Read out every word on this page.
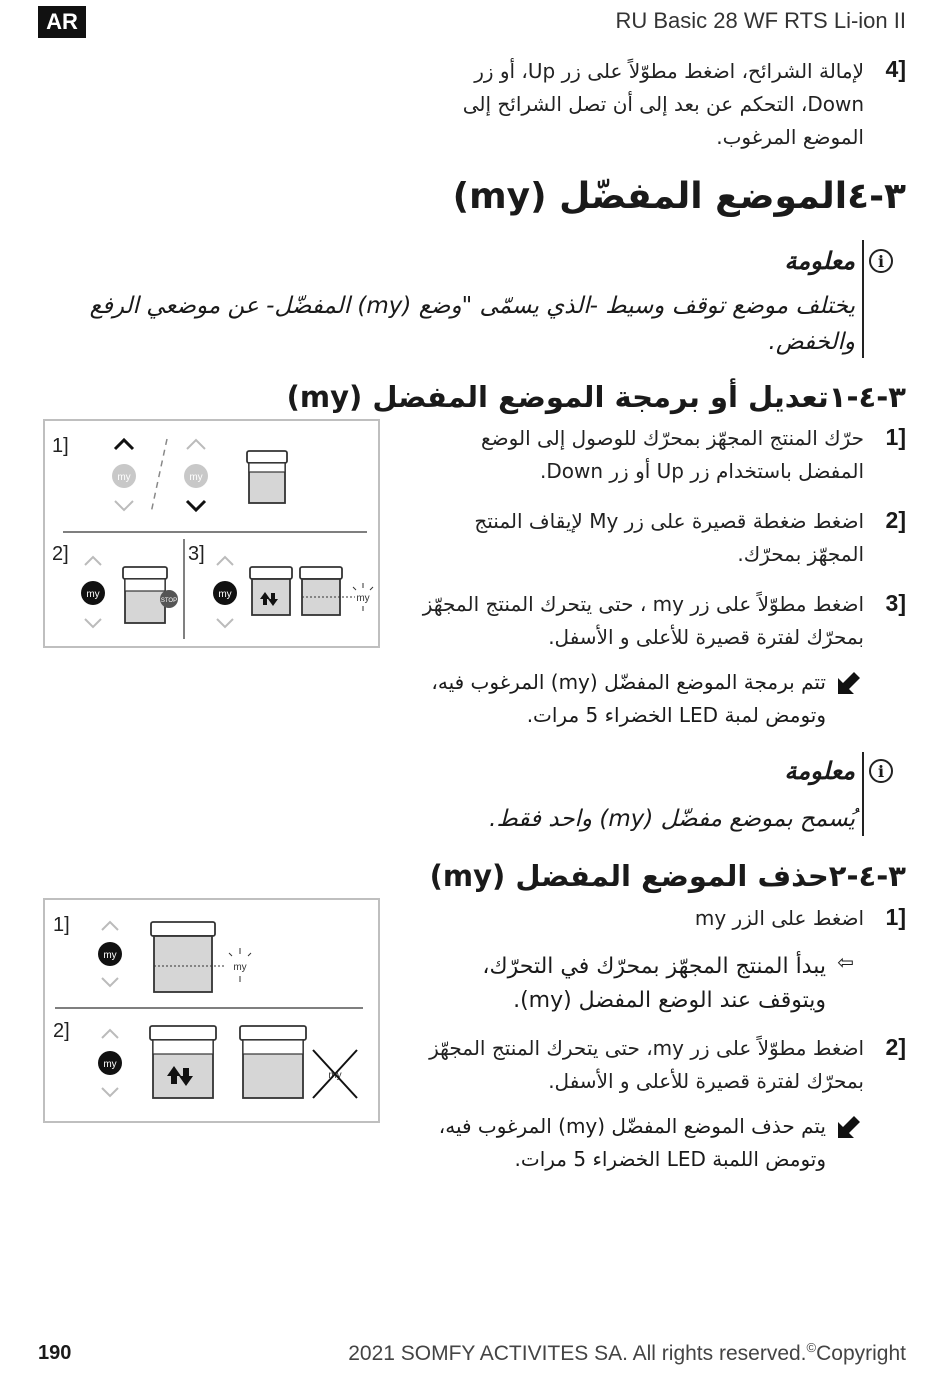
AR	RU Basic 28 WF RTS Li-ion II
4]
لإمالة الشرائح، اضغط مطوّلاً على زر Up، أو زر
Down، التحكم عن بعد إلى أن تصل الشرائح إلى
الموضع المرغوب.
٣-٤الموضع المفضّل (my)
i
معلومة
يختلف موضع توقف وسيط -الذي يسمّى "وضع (my) المفضّل- عن موضعي الرفع
والخفض.
٣-٤-١تعديل أو برمجة الموضع المفضل (my)
1]
حرّك المنتج المجهّز بمحرّك للوصول إلى الوضع
المفضل باستخدام زر Up أو زر Down.
2]
اضغط ضغطة قصيرة على زر My لإيقاف المنتج
المجهّز بمحرّك.
3]
اضغط مطوّلاً على زر my ، حتى يتحرك المنتج المجهّز
بمحرّك لفترة قصيرة للأعلى و الأسفل.
تتم برمجة الموضع المفضّل (my) المرغوب فيه،
وتومض لمبة LED الخضراء 5 مرات.
my	my
my
STOP
my	my
1]
2]	3]
i
معلومة
يُسمح بموضع مفضّل (my) واحد فقط.
٣-٤-٢حذف الموضع المفضل (my)
1]
اضغط على الزر my
⇦
يبدأ المنتج المجهّز بمحرّك في التحرّك،
ويتوقف عند الوضع المفضل (my).
2]
اضغط مطوّلاً على زر my، حتى يتحرك المنتج المجهّز
بمحرّك لفترة قصيرة للأعلى و الأسفل.
يتم حذف الموضع المفضّل (my) المرغوب فيه،
وتومض اللمبة LED الخضراء 5 مرات.
my
my
my
my
1]
2]
190	2021 SOMFY ACTIVITES SA. All rights reserved.©Copyright
